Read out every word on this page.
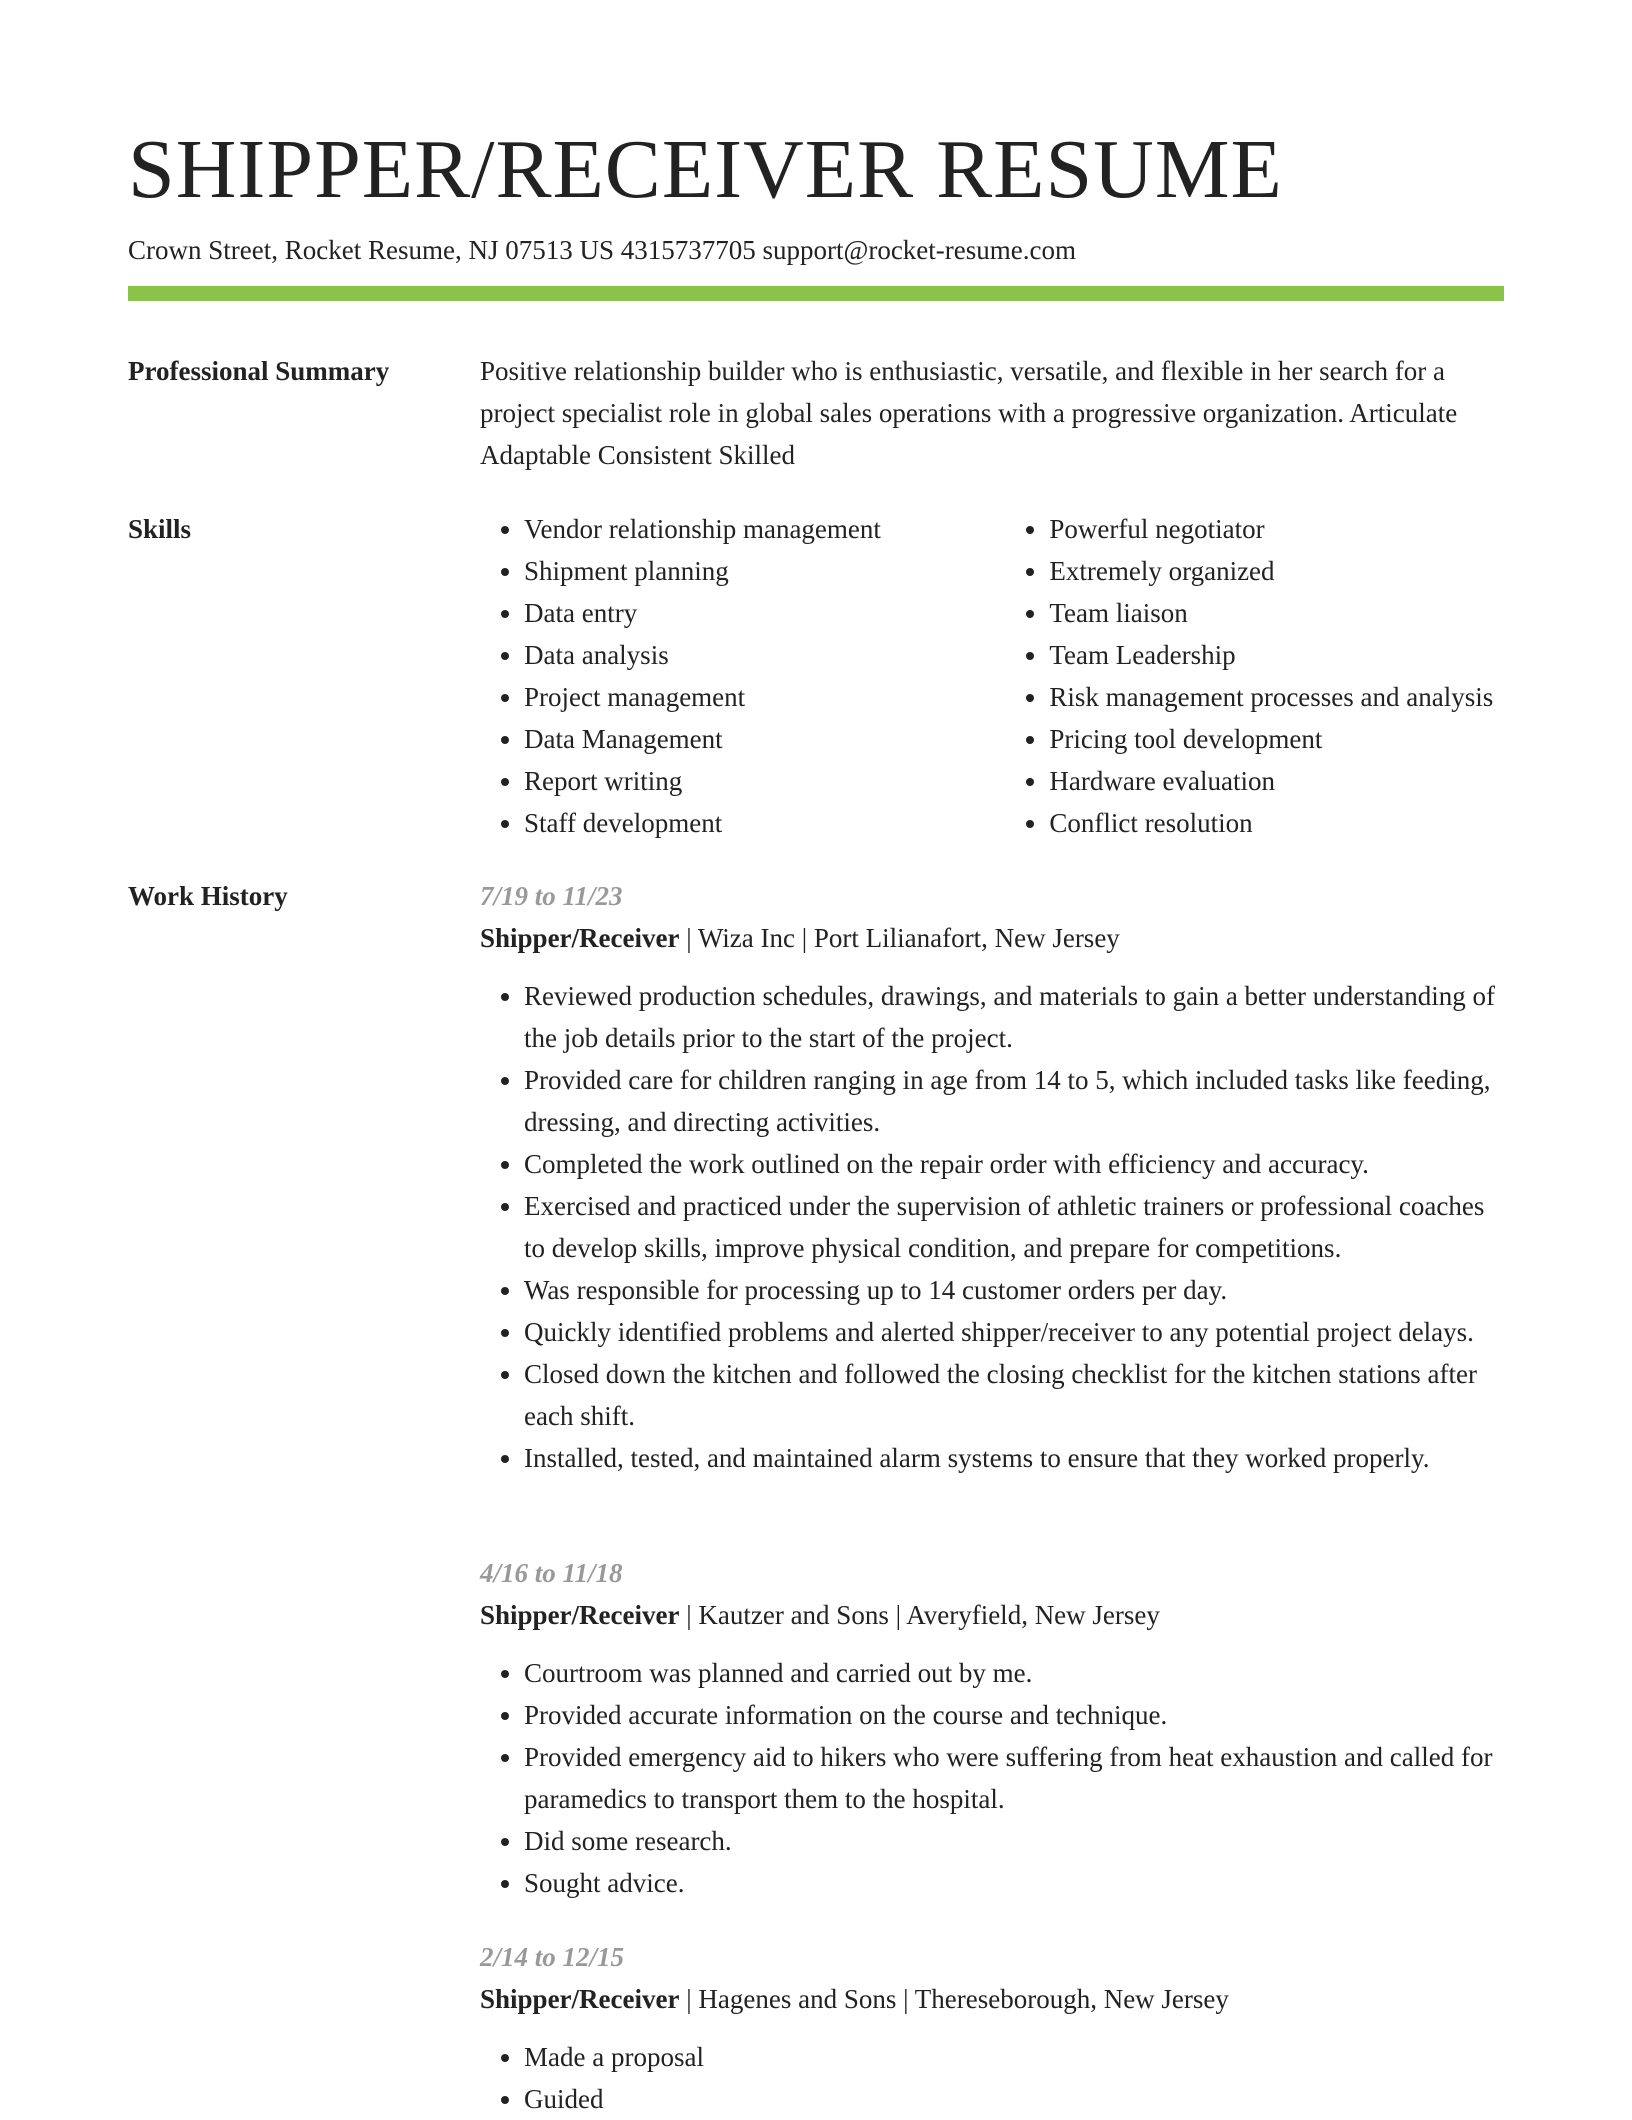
SHIPPER/RECEIVER RESUME
Crown Street, Rocket Resume, NJ 07513 US 4315737705 support@rocket-resume.com
Professional Summary	Positive relationship builder who is enthusiastic, versatile, and flexible in her search for a project specialist role in global sales operations with a progressive organization. Articulate Adaptable Consistent Skilled

Skills
•	Vendor relationship management
• Shipment planning
• Data entry
• Data analysis
• Project management
• Data Management
• Report writing
• Staff development
• Powerful negotiator
• Extremely organized
• Team liaison
• Team Leadership
• Risk management processes and analysis
• Pricing tool development
• Hardware evaluation
• Conflict resolution
Work History	7/19 to 11/23
Shipper/Receiver | Wiza Inc | Port Lilianafort, New Jersey
• Reviewed production schedules, drawings, and materials to gain a better understanding of the job details prior to the start of the project.
• Provided care for children ranging in age from 14 to 5, which included tasks like feeding, dressing, and directing activities.
• Completed the work outlined on the repair order with efficiency and accuracy.
• Exercised and practiced under the supervision of athletic trainers or professional coaches to develop skills, improve physical condition, and prepare for competitions.
• Was responsible for processing up to 14 customer orders per day.
• Quickly identified problems and alerted shipper/receiver to any potential project delays.
• Closed down the kitchen and followed the closing checklist for the kitchen stations after each shift.
• Installed, tested, and maintained alarm systems to ensure that they worked properly.
4/16 to 11/18
Shipper/Receiver | Kautzer and Sons | Averyfield, New Jersey
• Courtroom was planned and carried out by me.
• Provided accurate information on the course and technique.
• Provided emergency aid to hikers who were suffering from heat exhaustion and called for paramedics to transport them to the hospital.
• Did some research.
• Sought advice.
2/14 to 12/15
Shipper/Receiver | Hagenes and Sons | Thereseborough, New Jersey
• Made a proposal
• Guided
